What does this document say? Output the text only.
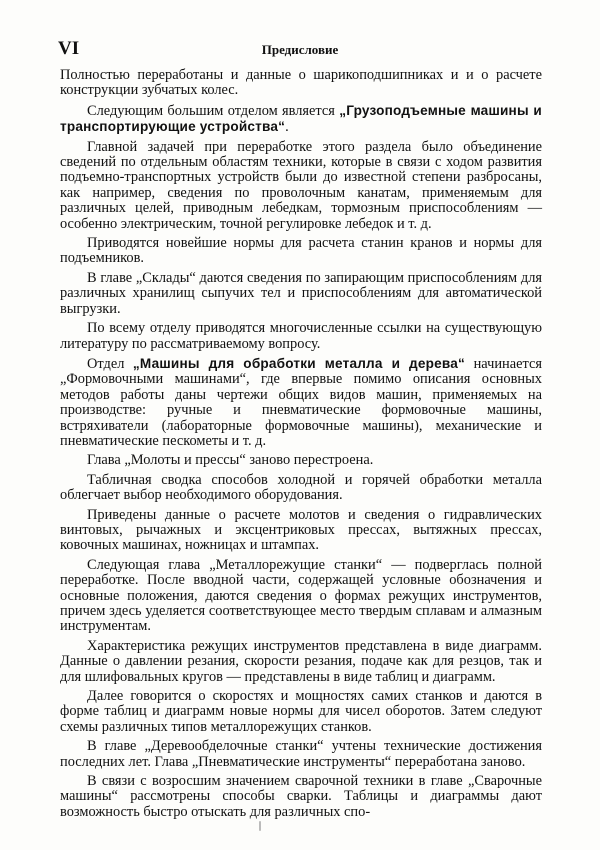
VI	Предисловие

Полностью переработаны и данные о шарикоподшипниках и и о расчете конструкции зубчатых колес.

Следующим большим отделом является „Грузоподъемные машины и транспортирующие устройства“.

Главной задачей при переработке этого раздела было объединение сведений по отдельным областям техники, которые в связи с ходом развития подъемно-транспортных устройств были до известной степени разбросаны, как например, сведения по проволочным канатам, применяемым для различных целей, приводным лебедкам, тормозным приспособлениям — особенно электрическим, точной регулировке лебедок и т. д.

Приводятся новейшие нормы для расчета станин кранов и нормы для подъемников.

В главе „Склады“ даются сведения по запирающим приспособлениям для различных хранилищ сыпучих тел и приспособлениям для автоматической выгрузки.

По всему отделу приводятся многочисленные ссылки на существующую литературу по рассматриваемому вопросу.

Отдел „Машины для обработки металла и дерева“ начинается „Формовочными машинами“, где впервые помимо описания основных методов работы даны чертежи общих видов машин, применяемых на производстве: ручные и пневматические формовочные машины, встряхиватели (лабораторные формовочные машины), механические и пневматические пескометы и т. д.

Глава „Молоты и прессы“ заново перестроена.

Табличная сводка способов холодной и горячей обработки металла облегчает выбор необходимого оборудования.

Приведены данные о расчете молотов и сведения о гидравлических винтовых, рычажных и эксцентриковых прессах, вытяжных прессах, ковочных машинах, ножницах и штампах.

Следующая глава „Металлорежущие станки“ — подверглась полной переработке. После вводной части, содержащей условные обозначения и основные положения, даются сведения о формах режущих инструментов, причем здесь уделяется соответствующее место твердым сплавам и алмазным инструментам.

Характеристика режущих инструментов представлена в виде диаграмм. Данные о давлении резания, скорости резания, подаче как для резцов, так и для шлифовальных кругов — представлены в виде таблиц и диаграмм.

Далее говорится о скоростях и мощностях самих станков и даются в форме таблиц и диаграмм новые нормы для чисел оборотов. Затем следуют схемы различных типов металлорежущих станков.

В главе „Деревообделочные станки“ учтены технические достижения последних лет. Глава „Пневматические инструменты“ переработана заново.

В связи с возросшим значением сварочной техники в главе „Сварочные машины“ рассмотрены способы сварки. Таблицы и диаграммы дают возможность быстро отыскать для различных спо-
